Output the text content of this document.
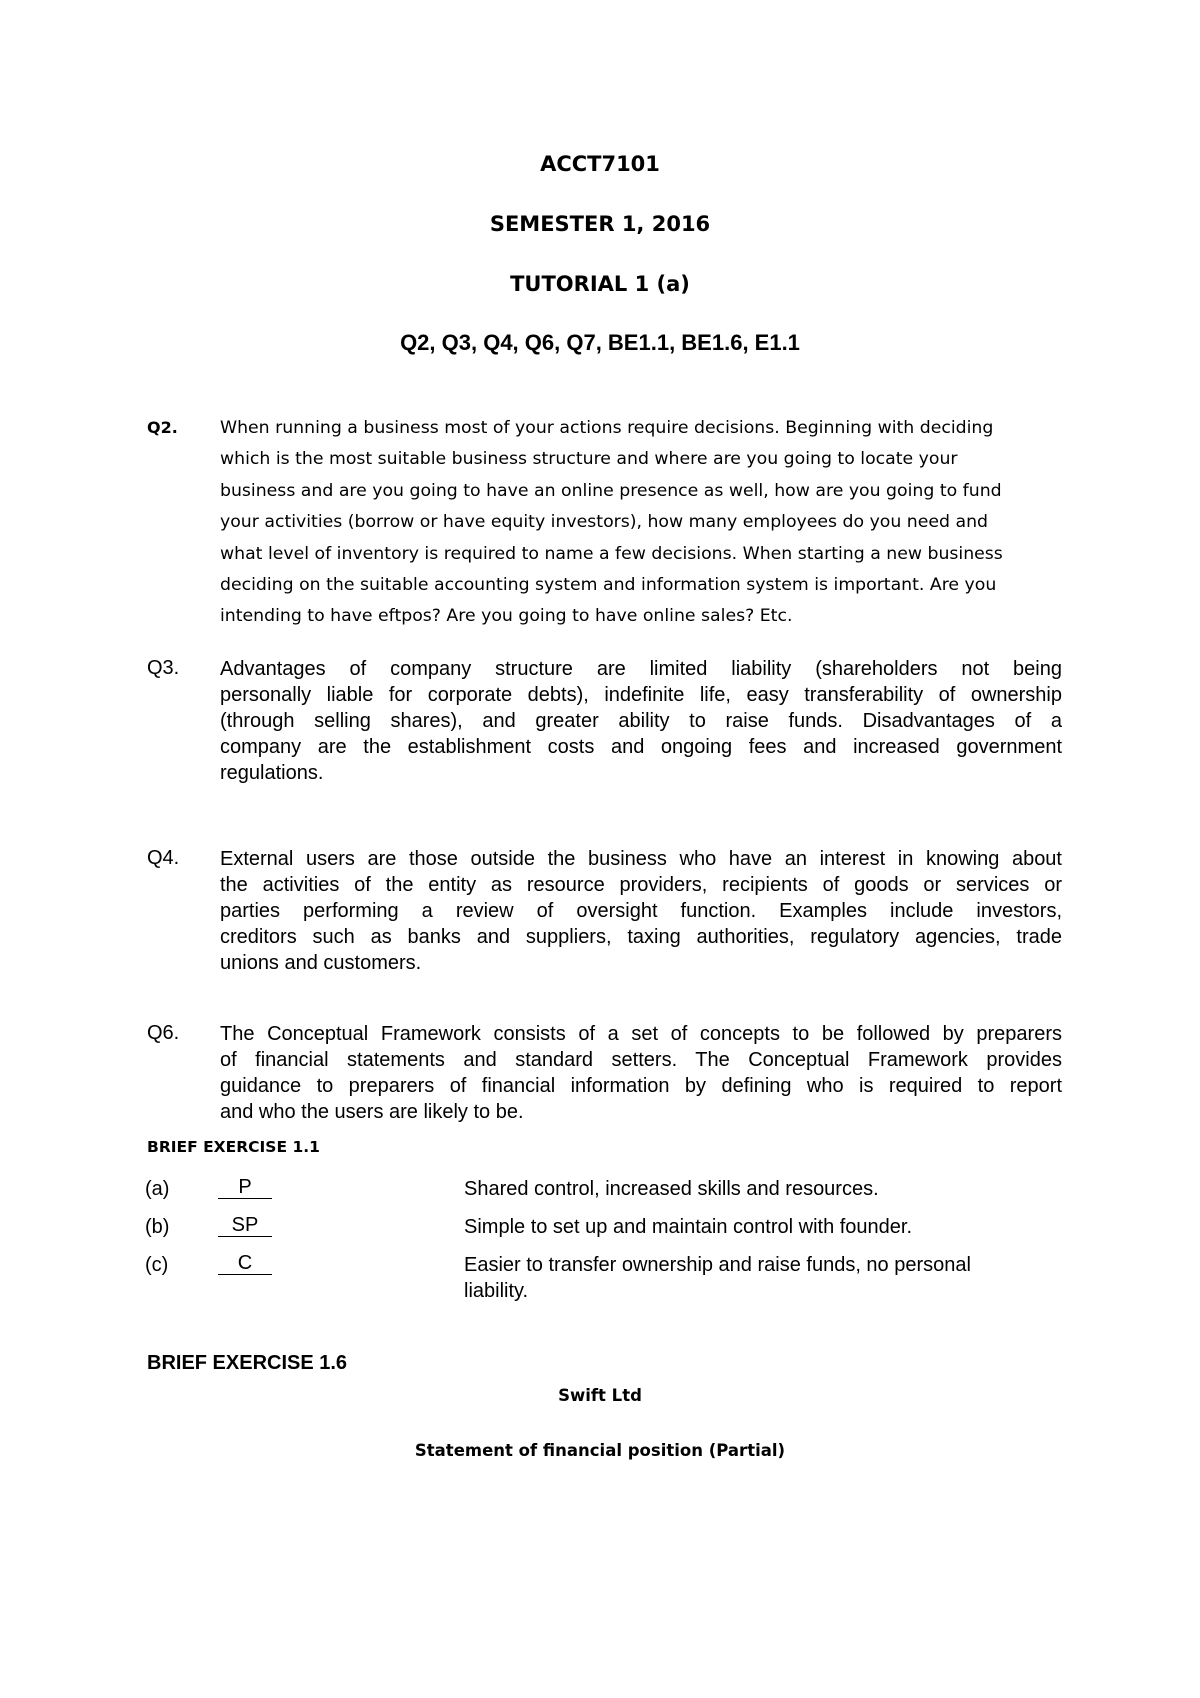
ACCT7101
SEMESTER 1, 2016
TUTORIAL 1 (a)
Q2, Q3, Q4, Q6, Q7, BE1.1, BE1.6, E1.1
Q2. When running a business most of your actions require decisions. Beginning with deciding
which is the most suitable business structure and where are you going to locate your
business and are you going to have an online presence as well, how are you going to fund
your activities (borrow or have equity investors), how many employees do you need and
what level of inventory is required to name a few decisions. When starting a new business
deciding on the suitable accounting system and information system is important. Are you
intending to have eftpos? Are you going to have online sales? Etc.
Q3. Advantages of company structure are limited liability (shareholders not being
personally liable for corporate debts), indefinite life, easy transferability of ownership
(through selling shares), and greater ability to raise funds. Disadvantages of a
company are the establishment costs and ongoing fees and increased government
regulations.
Q4. External users are those outside the business who have an interest in knowing about
the activities of the entity as resource providers, recipients of goods or services or
parties performing a review of oversight function. Examples include investors,
creditors such as banks and suppliers, taxing authorities, regulatory agencies, trade
unions and customers.
Q6. The Conceptual Framework consists of a set of concepts to be followed by preparers
of financial statements and standard setters. The Conceptual Framework provides
guidance to preparers of financial information by defining who is required to report
and who the users are likely to be.
BRIEF EXERCISE 1.1
(a)	P	Shared control, increased skills and resources.
(b)	SP	Simple to set up and maintain control with founder.
(c)	C	Easier to transfer ownership and raise funds, no personal
liability.
BRIEF EXERCISE 1.6
Swift Ltd
Statement of financial position (Partial)
